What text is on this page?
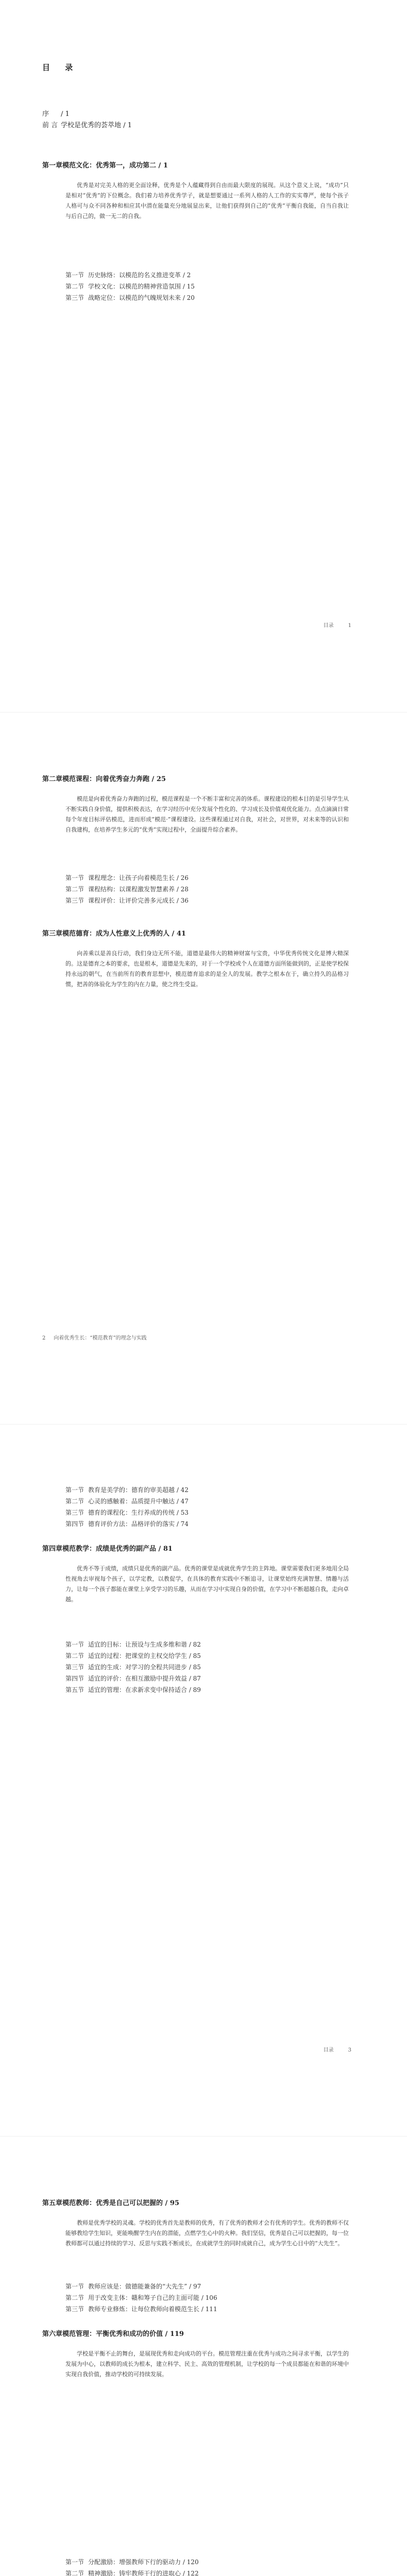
目 录
序 / 1
前 言 学校是优秀的荟萃地 / 1
第一章模范文化：优秀第一，成功第二 / 1
优秀是对完美人格的更全面诠释，优秀是个人蕴藏得到自由而最大限度的展现。从这个意义上说，“成功”只是相对“优秀”的下位概念。我们着力培养优秀学子，就是想要通过一系列人格的人工作的实实尊严，使每个孩子人格可与众不同各种和相应其中潜在能量充分地展显出来，让他们获得到自己的“优秀”平衡自我能，自当自我让与后自己的，做一无二的自我。
第一节 历史脉络：以模范的名义推进变革 / 2
第二节 学校文化：以模范的精神营造氛围 / 15
第三节 战略定位：以模范的气魄规划未来 / 20
目录	1
第二章模范课程：向着优秀奋力奔跑 / 25
模范是向着优秀奋力奔跑的过程，模范课程是一个不断丰富和完善的体系。课程建设的根本目的是引导学生从不断实践自身价值，提供积极表达，在学习经历中充分发展个性化的、学习成长及价值观优化能力。点点滴滴日常每个年度目标评估模范，进而形成“模范·”课程建设。这些课程通过对自我，对社会，对世界，对未来等的认识和自我建构，在培养学生多元的“优秀”实现过程中，全面提升综合素养。
第一节 课程理念：让孩子向着模范生长 / 26
第二节 课程结构：以课程激发智慧素养 / 28
第三节 课程评价：让评价完善多元成长 / 36
第三章模范德育：成为人性意义上优秀的人 / 41
向善乘以是善良行动，我们身边无所不能，道德是最伟大的精神财富与宝贵，中华优秀传统文化是博大精深的。这是德育之本的要求，也是根本，道德是先来的，对于一个学校或个人在道德方面所能做到的，正是使学校保持永远的朝气，在当前所有的教育思想中，模范德育追求的是全人的发展。教学之根本在于，确立持久的品格习惯，把善的体验化为学生的内在力量，使之终生受益。
2 向着优秀生长：“模范教育”的理念与实践
第一节 教育是美学的：德育的审美超越 / 42
第二节 心灵的感触着：品质提升中触达 / 47
第三节 德育的课程化：生行养成的传统 / 53
第四节 德育评价方法：品格评价的落实 / 74
第四章模范教学：成绩是优秀的副产品 / 81
优秀不等于成绩，成绩只是优秀的副产品。优秀的课堂是成就优秀学生的主阵地。课堂需要我们更多地用全局性视角去审视每个孩子，以学定教，以教促学，在具体的教育实践中不断追寻，让课堂始终充满智慧、情趣与活力，让每一个孩子都能在课堂上享受学习的乐趣，从而在学习中实现自身的价值，在学习中不断超越自我，走向卓越。
第一节 适宜的目标：让预设与生成多维和谐 / 82
第二节 适宜的过程：把课堂的主权交给学生 / 85
第三节 适宜的生成：对学习的全程共同进步 / 85
第四节 适宜的评价：在相互激励中提升效益 / 87
第五节 适宜的管理：在求新求变中保持适合 / 89
目录	3
第五章模范教师：优秀是自己可以把握的 / 95
教师是优秀学校的灵魂。学校的优秀首先是教师的优秀，有了优秀的教师才会有优秀的学生。优秀的教师不仅能够教给学生知识，更能唤醒学生内在的潜能，点燃学生心中的火种。我们坚信，优秀是自己可以把握的，每一位教师都可以通过持续的学习、反思与实践不断成长，在成就学生的同时成就自己，成为学生心目中的“大先生”。
第一节 教师应该是：做德能兼备的“大先生” / 97
第二节 用于改变主体：赣和筹子自己的主面可能 / 106
第三节 教师专业修炼：让每位教师向着模范生长 / 111
第六章模范管理：平衡优秀和成功的价值 / 119
学校是平衡不止的舞台，是展现优秀和走向成功的平台。模范管理注重在优秀与成功之间寻求平衡，以学生的发展为中心，以教师的成长为根本，建立科学、民主、高效的管理机制，让学校的每一个成员都能在和谐的环境中实现自我价值，推动学校的可持续发展。
第一节 分配激励：增强教师下行的驱动力 / 120
第二节 精神激励：铸牢教师干行的进取心 / 122
